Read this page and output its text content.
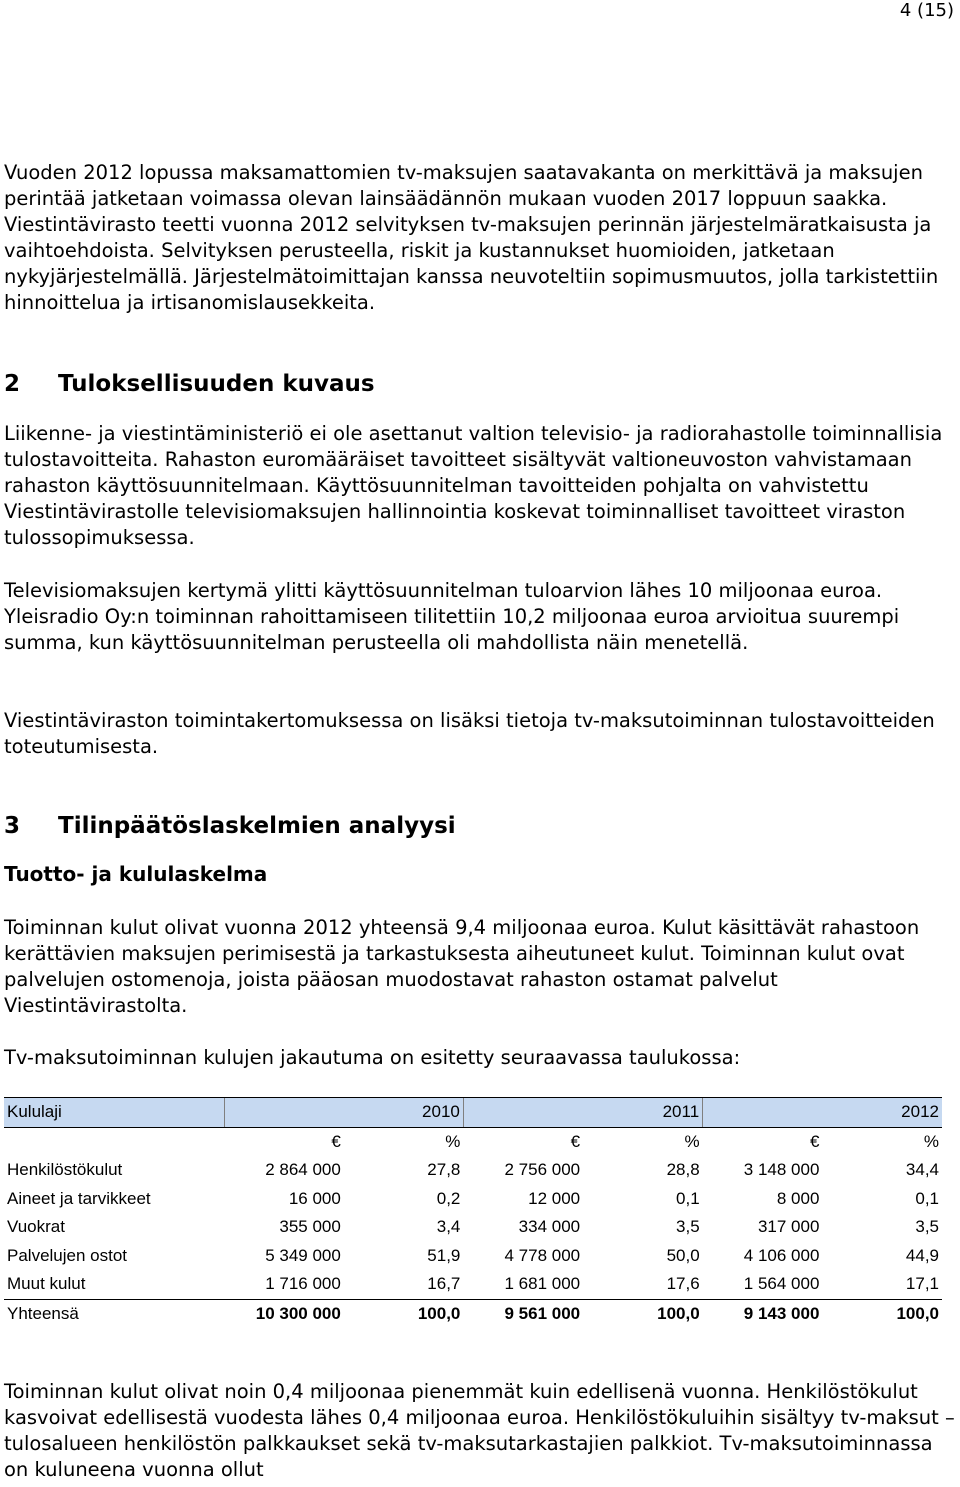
4 (15)

Vuoden 2012 lopussa maksamattomien tv-maksujen saatavakanta on merkittävä ja maksujen perintää jatketaan voimassa olevan lainsäädännön mukaan vuoden 2017 loppuun saakka. Viestintävirasto teetti vuonna 2012 selvityksen tv-maksujen perinnän järjestelmäratkaisusta ja vaihtoehdoista. Selvityksen perusteella, riskit ja kustannukset huomioiden, jatketaan nykyjärjestelmällä. Järjestelmätoimittajan kanssa neuvoteltiin sopimusmuutos, jolla tarkistettiin hinnoittelua ja irtisanomislausekkeita.

2 Tuloksellisuuden kuvaus

Liikenne- ja viestintäministeriö ei ole asettanut valtion televisio- ja radiorahastolle toiminnallisia tulostavoitteita. Rahaston euromääräiset tavoitteet sisältyvät valtioneuvoston vahvistamaan rahaston käyttösuunnitelmaan. Käyttösuunnitelman tavoitteiden pohjalta on vahvistettu Viestintävirastolle televisiomaksujen hallinnointia koskevat toiminnalliset tavoitteet viraston tulossopimuksessa.

Televisiomaksujen kertymä ylitti käyttösuunnitelman tuloarvion lähes 10 miljoonaa euroa. Yleisradio Oy:n toiminnan rahoittamiseen tilitettiin 10,2 miljoonaa euroa arvioitua suurempi summa, kun käyttösuunnitelman perusteella oli mahdollista näin menetellä.

Viestintäviraston toimintakertomuksessa on lisäksi tietoja tv-maksutoiminnan tulostavoitteiden toteutumisesta.

3 Tilinpäätöslaskelmien analyysi
Tuotto- ja kululaskelma

Toiminnan kulut olivat vuonna 2012 yhteensä 9,4 miljoonaa euroa. Kulut käsittävät rahastoon kerättävien maksujen perimisestä ja tarkastuksesta aiheutuneet kulut. Toiminnan kulut ovat palvelujen ostomenoja, joista pääosan muodostavat rahaston ostamat palvelut Viestintävirastolta.

Tv-maksutoiminnan kulujen jakautuma on esitetty seuraavassa taulukossa:

Kululaji	2010		2011		2012	
	€	%	€	%	€	%
Henkilöstökulut	2 864 000	27,8	2 756 000	28,8	3 148 000	34,4
Aineet ja tarvikkeet	16 000	0,2	12 000	0,1	8 000	0,1
Vuokrat	355 000	3,4	334 000	3,5	317 000	3,5
Palvelujen ostot	5 349 000	51,9	4 778 000	50,0	4 106 000	44,9
Muut kulut	1 716 000	16,7	1 681 000	17,6	1 564 000	17,1
Yhteensä	10 300 000	100,0	9 561 000	100,0	9 143 000	100,0

Toiminnan kulut olivat noin 0,4 miljoonaa pienemmät kuin edellisenä vuonna. Henkilöstökulut kasvoivat edellisestä vuodesta lähes 0,4 miljoonaa euroa. Henkilöstökuluihin sisältyy tv-maksut –tulosalueen henkilöstön palkkaukset sekä tv-maksutarkastajien palkkiot. Tv-maksutoiminnassa on kuluneena vuonna ollut
